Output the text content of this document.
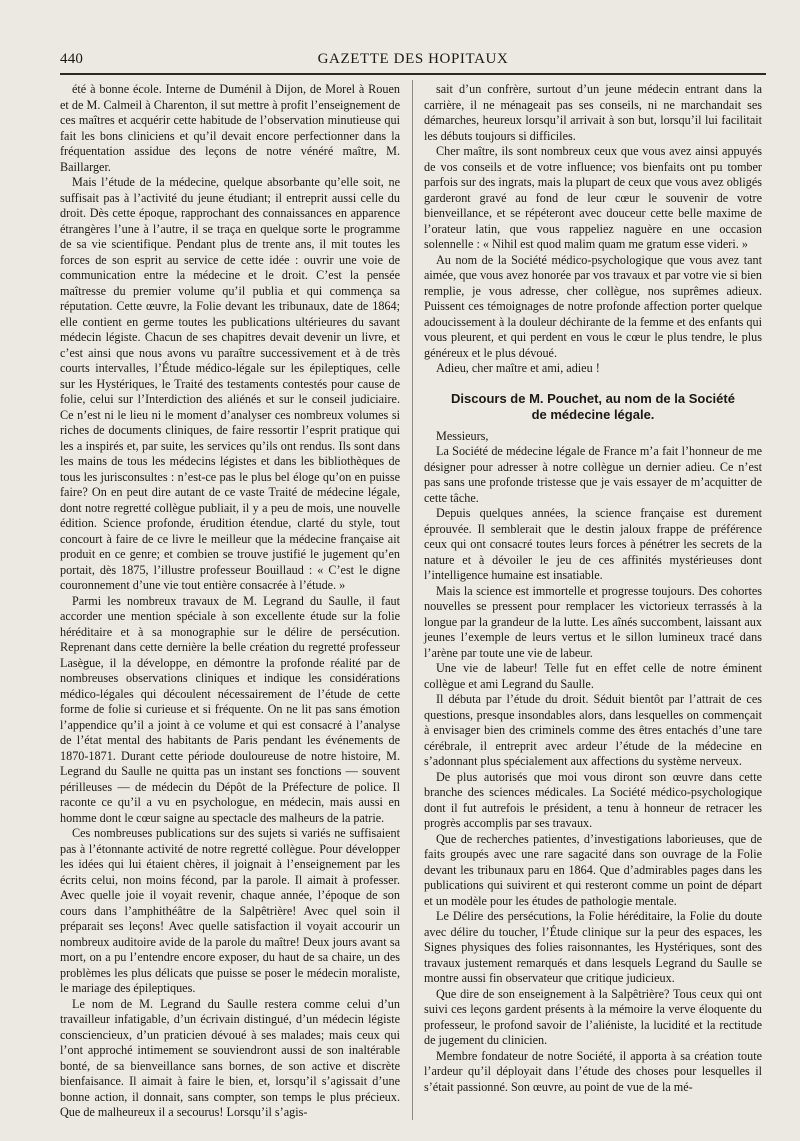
440	GAZETTE DES HOPITAUX

été à bonne école. Interne de Duménil à Dijon, de Morel à Rouen et de M. Calmeil à Charenton, il sut mettre à profit l’enseignement de ces maîtres et acquérir cette habitude de l’observation minutieuse qui fait les bons cliniciens et qu’il devait encore perfectionner dans la fréquentation assidue des leçons de notre vénéré maître, M. Baillarger.

Mais l’étude de la médecine, quelque absorbante qu’elle soit, ne suffisait pas à l’activité du jeune étudiant; il entreprit aussi celle du droit. Dès cette époque, rapprochant des connaissances en apparence étrangères l’une à l’autre, il se traça en quelque sorte le programme de sa vie scientifique. Pendant plus de trente ans, il mit toutes les forces de son esprit au service de cette idée : ouvrir une voie de communication entre la médecine et le droit. C’est la pensée maîtresse du premier volume qu’il publia et qui commença sa réputation. Cette œuvre, la Folie devant les tribunaux, date de 1864; elle contient en germe toutes les publications ultérieures du savant médecin légiste. Chacun de ses chapitres devait devenir un livre, et c’est ainsi que nous avons vu paraître successivement et à de très courts intervalles, l’Étude médico-légale sur les épileptiques, celle sur les Hystériques, le Traité des testaments contestés pour cause de folie, celui sur l’Interdiction des aliénés et sur le conseil judiciaire. Ce n’est ni le lieu ni le moment d’analyser ces nombreux volumes si riches de documents cliniques, de faire ressortir l’esprit pratique qui les a inspirés et, par suite, les services qu’ils ont rendus. Ils sont dans les mains de tous les médecins légistes et dans les bibliothèques de tous les jurisconsultes : n’est-ce pas le plus bel éloge qu’on en puisse faire? On en peut dire autant de ce vaste Traité de médecine légale, dont notre regretté collègue publiait, il y a peu de mois, une nouvelle édition. Science profonde, érudition étendue, clarté du style, tout concourt à faire de ce livre le meilleur que la médecine française ait produit en ce genre; et combien se trouve justifié le jugement qu’en portait, dès 1875, l’illustre professeur Bouillaud : « C’est le digne couronnement d’une vie tout entière consacrée à l’étude. »

Parmi les nombreux travaux de M. Legrand du Saulle, il faut accorder une mention spéciale à son excellente étude sur la folie héréditaire et à sa monographie sur le délire de persécution. Reprenant dans cette dernière la belle création du regretté professeur Lasègue, il la développe, en démontre la profonde réalité par de nombreuses observations cliniques et indique les considérations médico-légales qui découlent nécessairement de l’étude de cette forme de folie si curieuse et si fréquente. On ne lit pas sans émotion l’appendice qu’il a joint à ce volume et qui est consacré à l’analyse de l’état mental des habitants de Paris pendant les événements de 1870-1871. Durant cette période douloureuse de notre histoire, M. Legrand du Saulle ne quitta pas un instant ses fonctions — souvent périlleuses — de médecin du Dépôt de la Préfecture de police. Il raconte ce qu’il a vu en psychologue, en médecin, mais aussi en homme dont le cœur saigne au spectacle des malheurs de la patrie.

Ces nombreuses publications sur des sujets si variés ne suffisaient pas à l’étonnante activité de notre regretté collègue. Pour développer les idées qui lui étaient chères, il joignait à l’enseignement par les écrits celui, non moins fécond, par la parole. Il aimait à professer. Avec quelle joie il voyait revenir, chaque année, l’époque de son cours dans l’amphithéâtre de la Salpêtrière! Avec quel soin il préparait ses leçons! Avec quelle satisfaction il voyait accourir un nombreux auditoire avide de la parole du maître! Deux jours avant sa mort, on a pu l’entendre encore exposer, du haut de sa chaire, un des problèmes les plus délicats que puisse se poser le médecin moraliste, le mariage des épileptiques.

Le nom de M. Legrand du Saulle restera comme celui d’un travailleur infatigable, d’un écrivain distingué, d’un médecin légiste consciencieux, d’un praticien dévoué à ses malades; mais ceux qui l’ont approché intimement se souviendront aussi de son inaltérable bonté, de sa bienveillance sans bornes, de son active et discrète bienfaisance. Il aimait à faire le bien, et, lorsqu’il s’agissait d’une bonne action, il donnait, sans compter, son temps le plus précieux. Que de malheureux il a secourus! Lorsqu’il s’agis-

sait d’un confrère, surtout d’un jeune médecin entrant dans la carrière, il ne ménageait pas ses conseils, ni ne marchandait ses démarches, heureux lorsqu’il arrivait à son but, lorsqu’il lui facilitait les débuts toujours si difficiles.

Cher maître, ils sont nombreux ceux que vous avez ainsi appuyés de vos conseils et de votre influence; vos bienfaits ont pu tomber parfois sur des ingrats, mais la plupart de ceux que vous avez obligés garderont gravé au fond de leur cœur le souvenir de votre bienveillance, et se répéteront avec douceur cette belle maxime de l’orateur latin, que vous rappeliez naguère en une occasion solennelle : « Nihil est quod malim quam me gratum esse videri. »

Au nom de la Société médico-psychologique que vous avez tant aimée, que vous avez honorée par vos travaux et par votre vie si bien remplie, je vous adresse, cher collègue, nos suprêmes adieux. Puissent ces témoignages de notre profonde affection porter quelque adoucissement à la douleur déchirante de la femme et des enfants qui vous pleurent, et qui perdent en vous le cœur le plus tendre, le plus généreux et le plus dévoué.

Adieu, cher maître et ami, adieu !

Discours de M. Pouchet, au nom de la Société
de médecine légale.

Messieurs,

La Société de médecine légale de France m’a fait l’honneur de me désigner pour adresser à notre collègue un dernier adieu. Ce n’est pas sans une profonde tristesse que je vais essayer de m’acquitter de cette tâche.

Depuis quelques années, la science française est durement éprouvée. Il semblerait que le destin jaloux frappe de préférence ceux qui ont consacré toutes leurs forces à pénétrer les secrets de la nature et à dévoiler le jeu de ces affinités mystérieuses dont l’intelligence humaine est insatiable.

Mais la science est immortelle et progresse toujours. Des cohortes nouvelles se pressent pour remplacer les victorieux terrassés à la longue par la grandeur de la lutte. Les aînés succombent, laissant aux jeunes l’exemple de leurs vertus et le sillon lumineux tracé dans l’arène par toute une vie de labeur.

Une vie de labeur! Telle fut en effet celle de notre éminent collègue et ami Legrand du Saulle.

Il débuta par l’étude du droit. Séduit bientôt par l’attrait de ces questions, presque insondables alors, dans lesquelles on commençait à envisager bien des criminels comme des êtres entachés d’une tare cérébrale, il entreprit avec ardeur l’étude de la médecine en s’adonnant plus spécialement aux affections du système nerveux.

De plus autorisés que moi vous diront son œuvre dans cette branche des sciences médicales. La Société médico-psychologique dont il fut autrefois le président, a tenu à honneur de retracer les progrès accomplis par ses travaux.

Que de recherches patientes, d’investigations laborieuses, que de faits groupés avec une rare sagacité dans son ouvrage de la Folie devant les tribunaux paru en 1864. Que d’admirables pages dans les publications qui suivirent et qui resteront comme un point de départ et un modèle pour les études de pathologie mentale.

Le Délire des persécutions, la Folie héréditaire, la Folie du doute avec délire du toucher, l’Étude clinique sur la peur des espaces, les Signes physiques des folies raisonnantes, les Hystériques, sont des travaux justement remarqués et dans lesquels Legrand du Saulle se montre aussi fin observateur que critique judicieux.

Que dire de son enseignement à la Salpêtrière? Tous ceux qui ont suivi ces leçons gardent présents à la mémoire la verve éloquente du professeur, le profond savoir de l’aliéniste, la lucidité et la rectitude de jugement du clinicien.

Membre fondateur de notre Société, il apporta à sa création toute l’ardeur qu’il déployait dans l’étude des choses pour lesquelles il s’était passionné. Son œuvre, au point de vue de la mé-
